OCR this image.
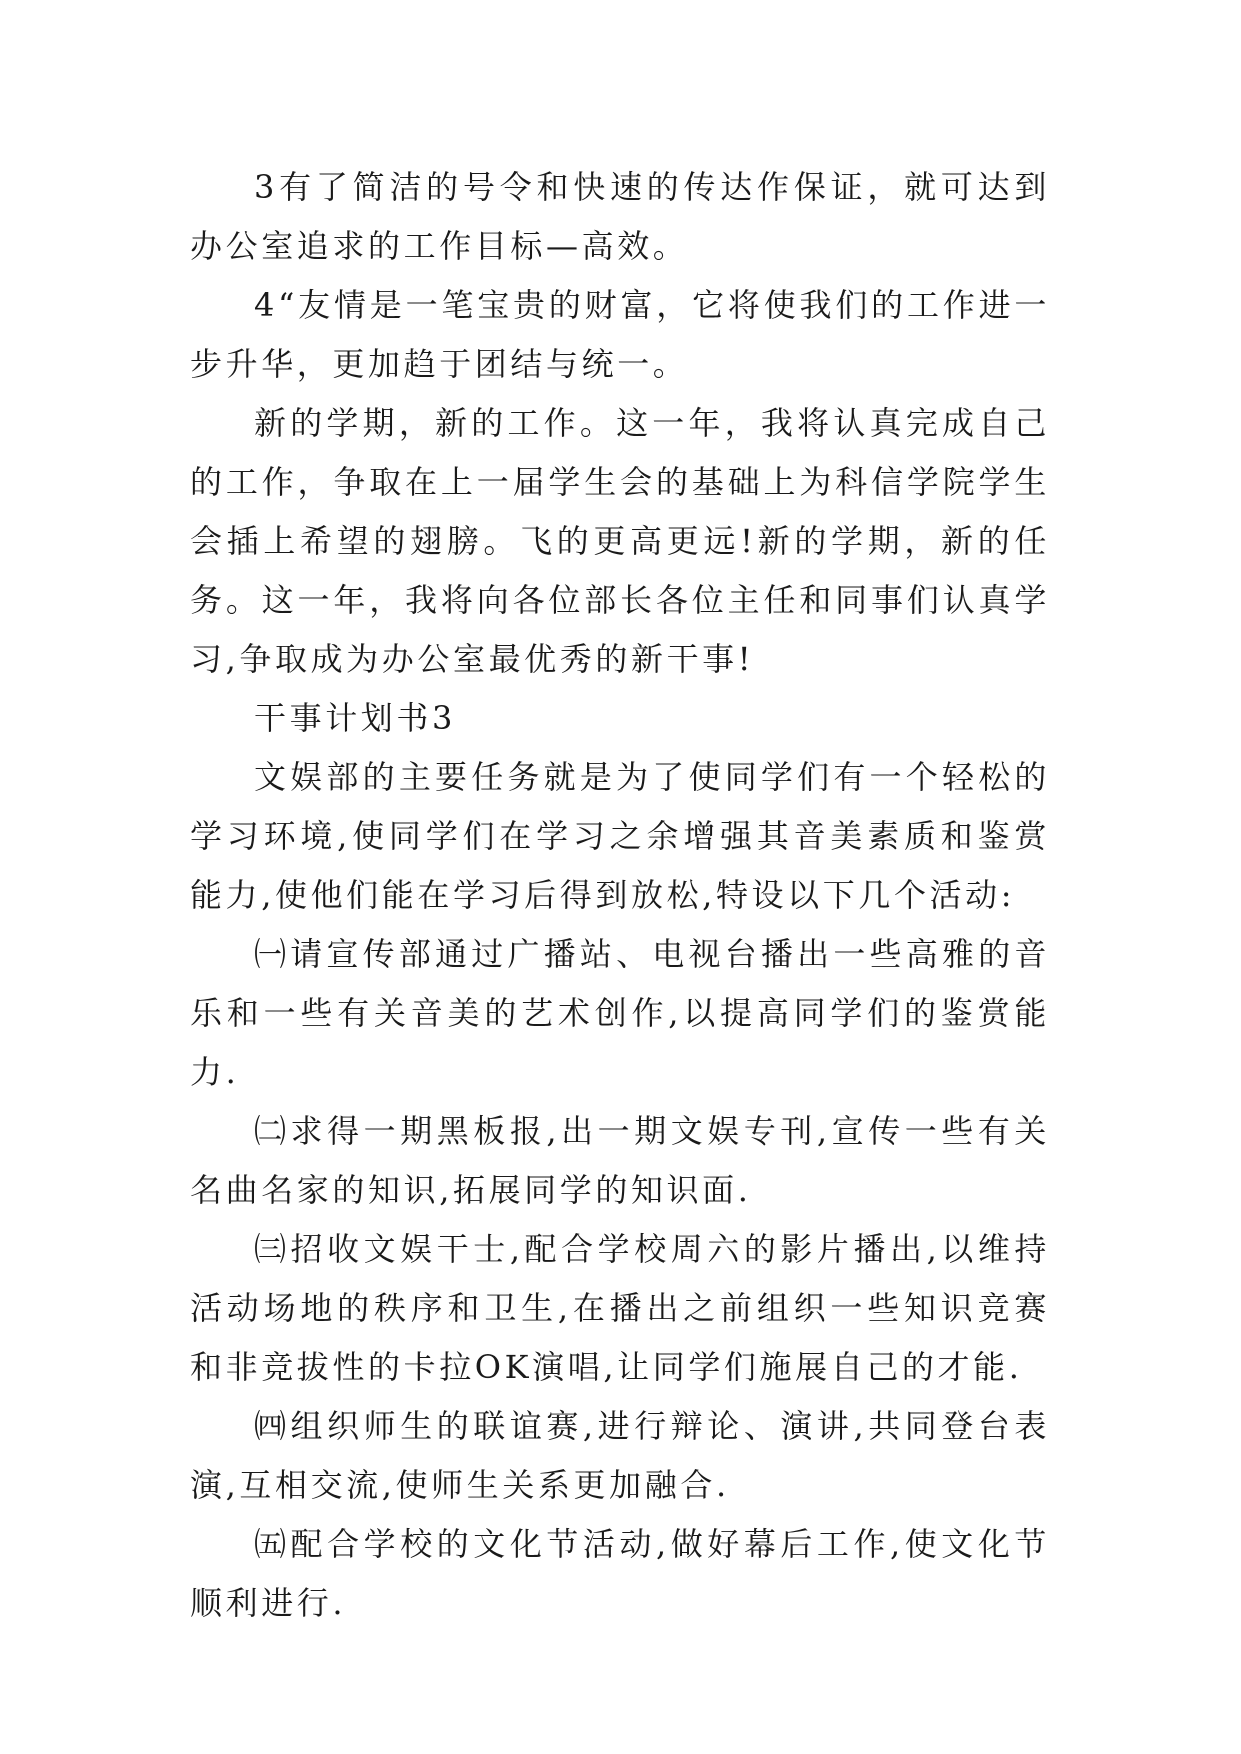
3有了简洁的号令和快速的传达作保证，就可达到办公室追求的工作目标—高效。

4“友情是一笔宝贵的财富，它将使我们的工作进一步升华，更加趋于团结与统一。

新的学期，新的工作。这一年，我将认真完成自己的工作，争取在上一届学生会的基础上为科信学院学生会插上希望的翅膀。飞的更高更远!新的学期，新的任务。这一年，我将向各位部长各位主任和同事们认真学习,争取成为办公室最优秀的新干事!

干事计划书3

文娱部的主要任务就是为了使同学们有一个轻松的学习环境,使同学们在学习之余增强其音美素质和鉴赏能力,使他们能在学习后得到放松,特设以下几个活动:

㈠请宣传部通过广播站、电视台播出一些高雅的音乐和一些有关音美的艺术创作,以提高同学们的鉴赏能力.

㈡求得一期黑板报,出一期文娱专刊,宣传一些有关名曲名家的知识,拓展同学的知识面.

㈢招收文娱干士,配合学校周六的影片播出,以维持活动场地的秩序和卫生,在播出之前组织一些知识竞赛和非竞拔性的卡拉OK演唱,让同学们施展自己的才能.

㈣组织师生的联谊赛,进行辩论、演讲,共同登台表演,互相交流,使师生关系更加融合.

㈤配合学校的文化节活动,做好幕后工作,使文化节顺利进行.
